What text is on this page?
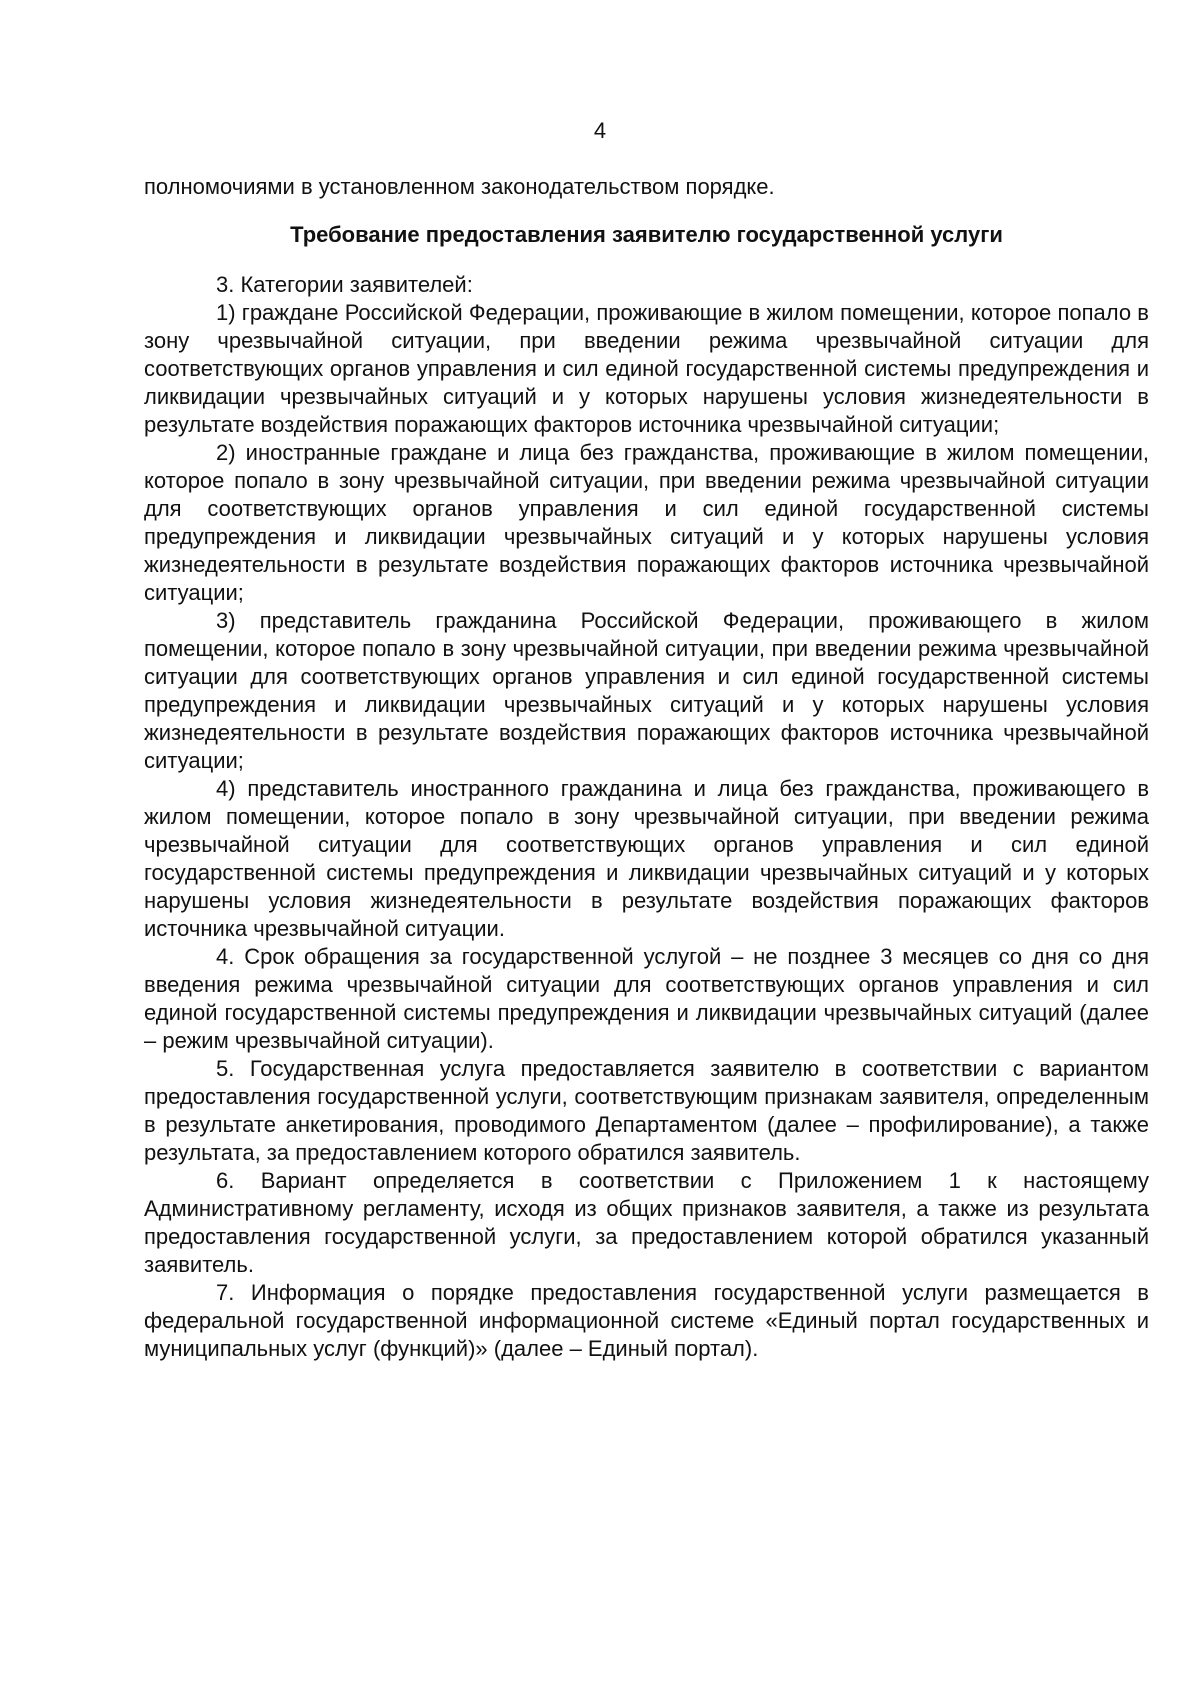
4

полномочиями в установленном законодательством порядке.

Требование предоставления заявителю государственной услуги

3. Категории заявителей:

1) граждане Российской Федерации, проживающие в жилом помещении, которое попало в зону чрезвычайной ситуации, при введении режима чрезвычайной ситуации для соответствующих органов управления и сил единой государственной системы предупреждения и ликвидации чрезвычайных ситуаций и у которых нарушены условия жизнедеятельности в результате воздействия поражающих факторов источника чрезвычайной ситуации;

2) иностранные граждане и лица без гражданства, проживающие в жилом помещении, которое попало в зону чрезвычайной ситуации, при введении режима чрезвычайной ситуации для соответствующих органов управления и сил единой государственной системы предупреждения и ликвидации чрезвычайных ситуаций и у которых нарушены условия жизнедеятельности в результате воздействия поражающих факторов источника чрезвычайной ситуации;

3) представитель гражданина Российской Федерации, проживающего в жилом помещении, которое попало в зону чрезвычайной ситуации, при введении режима чрезвычайной ситуации для соответствующих органов управления и сил единой государственной системы предупреждения и ликвидации чрезвычайных ситуаций и у которых нарушены условия жизнедеятельности в результате воздействия поражающих факторов источника чрезвычайной ситуации;

4) представитель иностранного гражданина и лица без гражданства, проживающего в жилом помещении, которое попало в зону чрезвычайной ситуации, при введении режима чрезвычайной ситуации для соответствующих органов управления и сил единой государственной системы предупреждения и ликвидации чрезвычайных ситуаций и у которых нарушены условия жизнедеятельности в результате воздействия поражающих факторов источника чрезвычайной ситуации.

4. Срок обращения за государственной услугой – не позднее 3 месяцев со дня со дня введения режима чрезвычайной ситуации для соответствующих органов управления и сил единой государственной системы предупреждения и ликвидации чрезвычайных ситуаций (далее – режим чрезвычайной ситуации).

5. Государственная услуга предоставляется заявителю в соответствии с вариантом предоставления государственной услуги, соответствующим признакам заявителя, определенным в результате анкетирования, проводимого Департаментом (далее – профилирование), а также результата, за предоставлением которого обратился заявитель.

6. Вариант определяется в соответствии с Приложением 1 к настоящему Административному регламенту, исходя из общих признаков заявителя, а также из результата предоставления государственной услуги, за предоставлением которой обратился указанный заявитель.

7. Информация о порядке предоставления государственной услуги размещается в федеральной государственной информационной системе «Единый портал государственных и муниципальных услуг (функций)» (далее – Единый портал).
